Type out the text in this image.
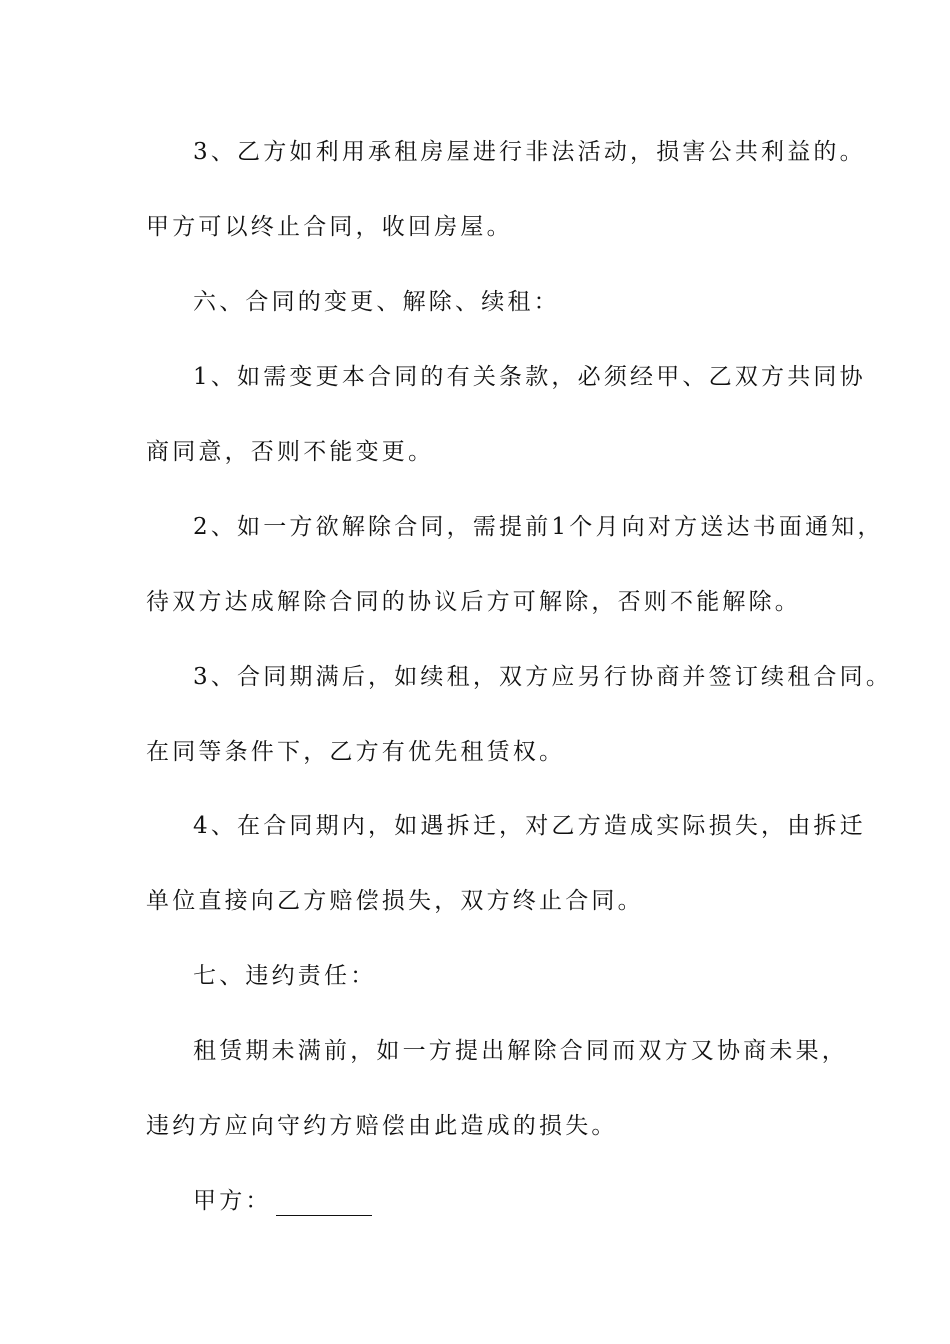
3、乙方如利用承租房屋进行非法活动，损害公共利益的。
甲方可以终止合同，收回房屋。
六、合同的变更、解除、续租：
1、如需变更本合同的有关条款，必须经甲、乙双方共同协
商同意，否则不能变更。
2、如一方欲解除合同，需提前1个月向对方送达书面通知，
待双方达成解除合同的协议后方可解除，否则不能解除。
3、合同期满后，如续租，双方应另行协商并签订续租合同。
在同等条件下，乙方有优先租赁权。
4、在合同期内，如遇拆迁，对乙方造成实际损失，由拆迁
单位直接向乙方赔偿损失，双方终止合同。
七、违约责任：
租赁期未满前，如一方提出解除合同而双方又协商未果，
违约方应向守约方赔偿由此造成的损失。
甲方：
